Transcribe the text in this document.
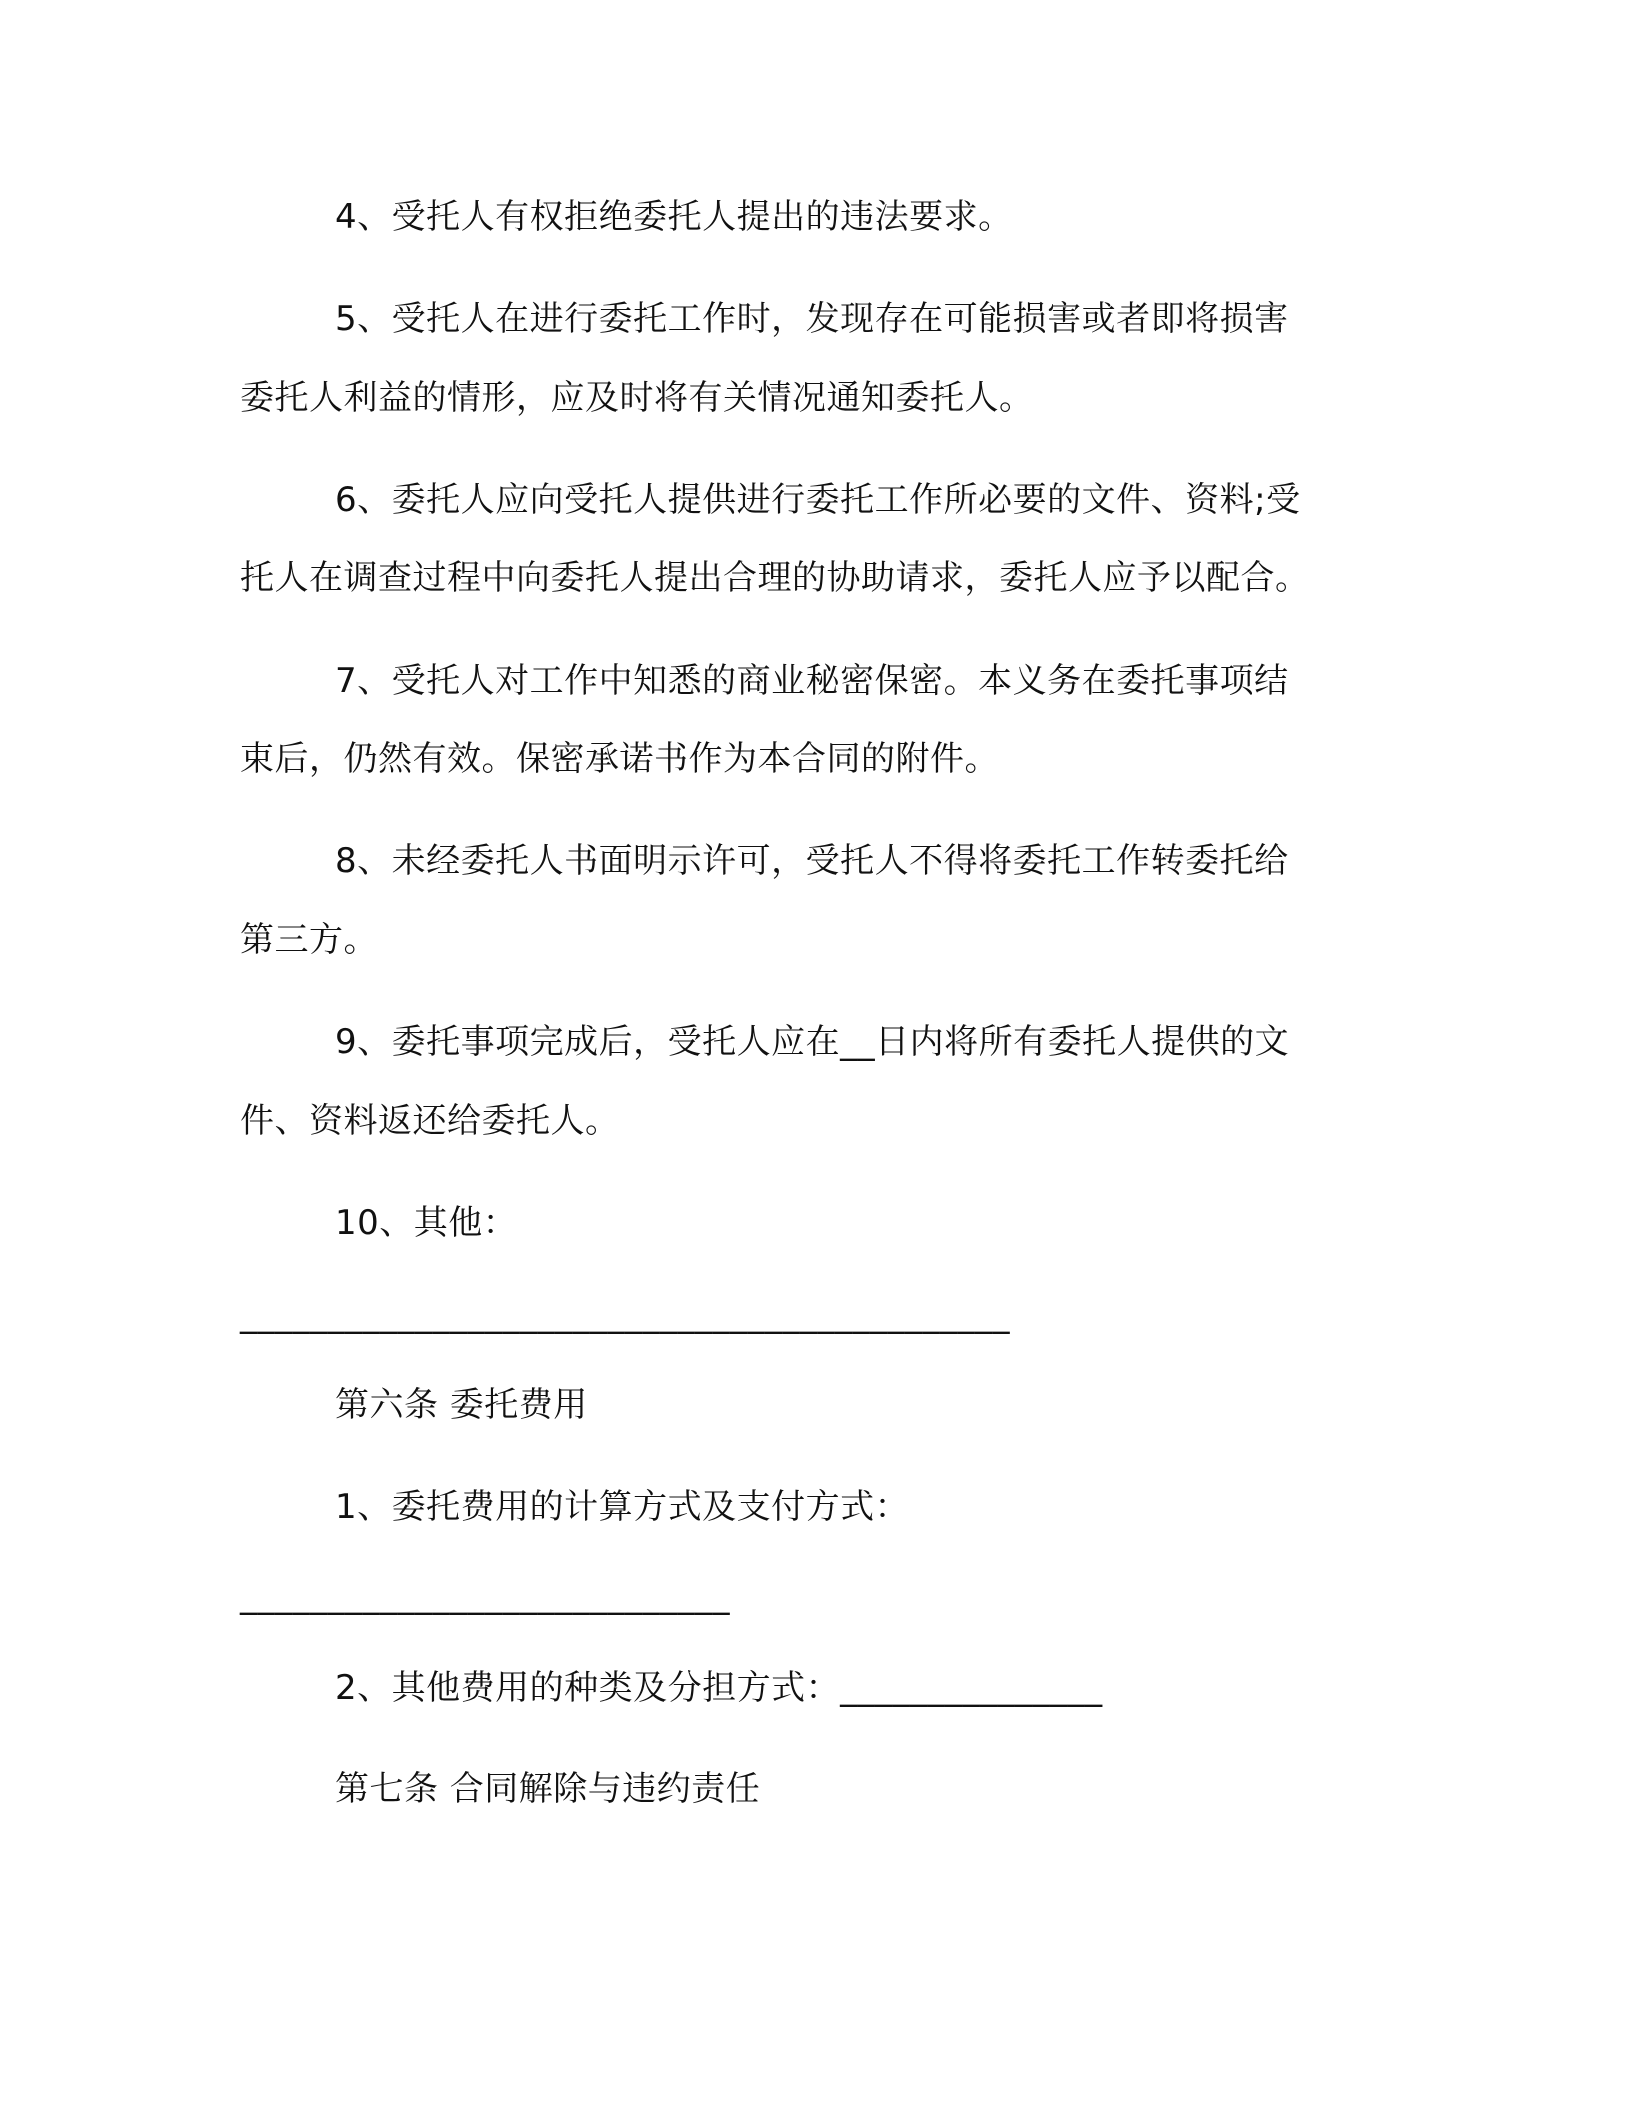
4、受托人有权拒绝委托人提出的违法要求。
5、受托人在进行委托工作时，发现存在可能损害或者即将损害
委托人利益的情形，应及时将有关情况通知委托人。
6、委托人应向受托人提供进行委托工作所必要的文件、资料;受
托人在调查过程中向委托人提出合理的协助请求，委托人应予以配合。
7、受托人对工作中知悉的商业秘密保密。本义务在委托事项结
束后，仍然有效。保密承诺书作为本合同的附件。
8、未经委托人书面明示许可，受托人不得将委托工作转委托给
第三方。
9、委托事项完成后，受托人应在__日内将所有委托人提供的文
件、资料返还给委托人。
10、其他：
____________________________________________
第六条 委托费用
1、委托费用的计算方式及支付方式：
____________________________
2、其他费用的种类及分担方式：_______________
第七条 合同解除与违约责任
